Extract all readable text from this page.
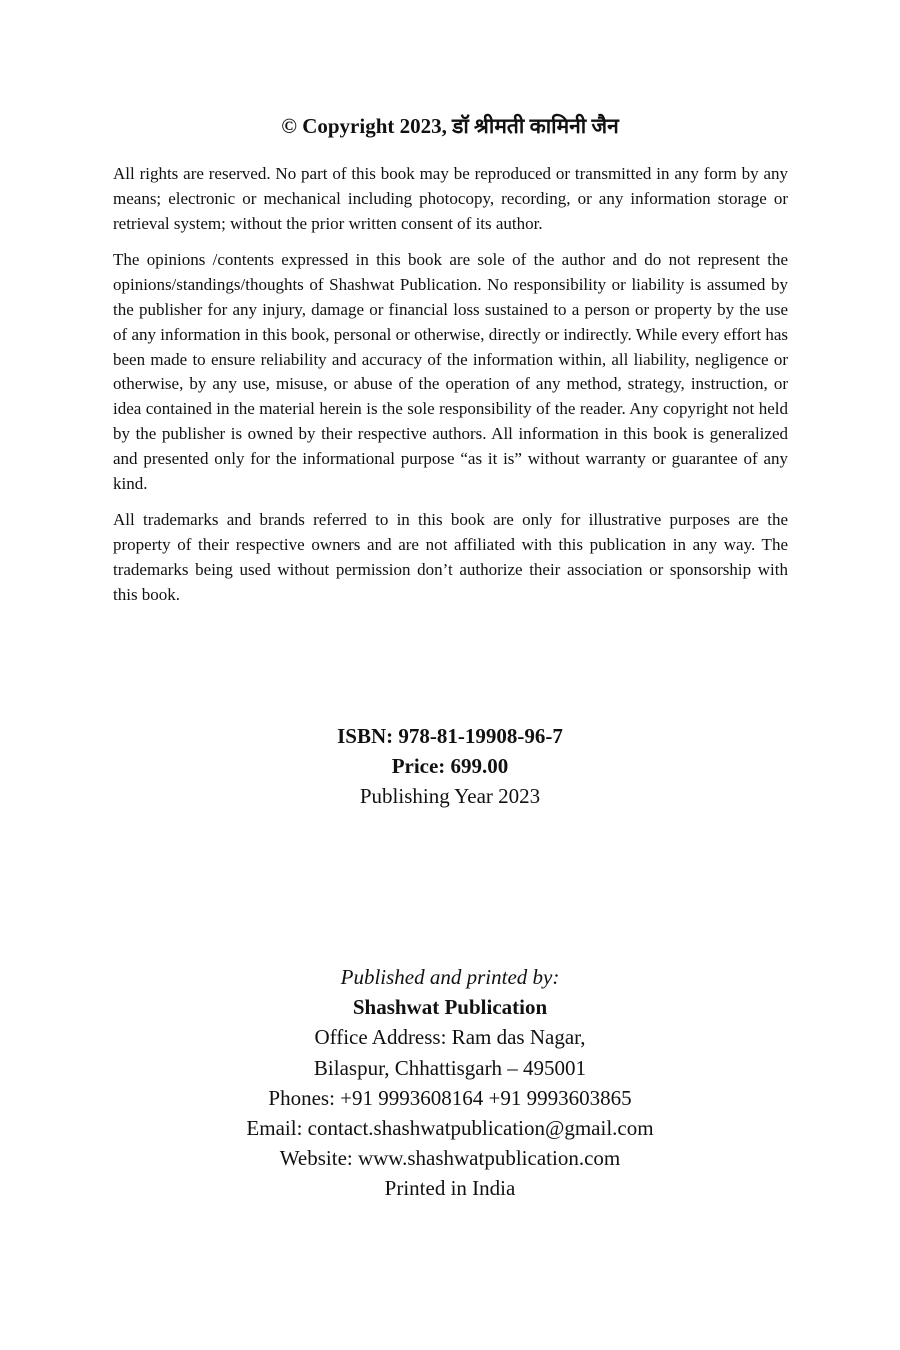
© Copyright 2023, डॉ श्रीमती कामिनी जैन

All rights are reserved. No part of this book may be reproduced or transmitted in any form by any means; electronic or mechanical including photocopy, recording, or any information storage or retrieval system; without the prior written consent of its author.

The opinions /contents expressed in this book are sole of the author and do not represent the opinions/standings/thoughts of Shashwat Publication. No responsibility or liability is assumed by the publisher for any injury, damage or financial loss sustained to a person or property by the use of any information in this book, personal or otherwise, directly or indirectly. While every effort has been made to ensure reliability and accuracy of the information within, all liability, negligence or otherwise, by any use, misuse, or abuse of the operation of any method, strategy, instruction, or idea contained in the material herein is the sole responsibility of the reader. Any copyright not held by the publisher is owned by their respective authors. All information in this book is generalized and presented only for the informational purpose “as it is” without warranty or guarantee of any kind.

All trademarks and brands referred to in this book are only for illustrative purposes are the property of their respective owners and are not affiliated with this publication in any way. The trademarks being used without permission don’t authorize their association or sponsorship with this book.

ISBN: 978-81-19908-96-7
Price: 699.00
Publishing Year 2023
Published and printed by:
Shashwat Publication
Office Address: Ram das Nagar,
Bilaspur, Chhattisgarh – 495001
Phones: +91 9993608164 +91 9993603865
Email: contact.shashwatpublication@gmail.com
Website: www.shashwatpublication.com
Printed in India
